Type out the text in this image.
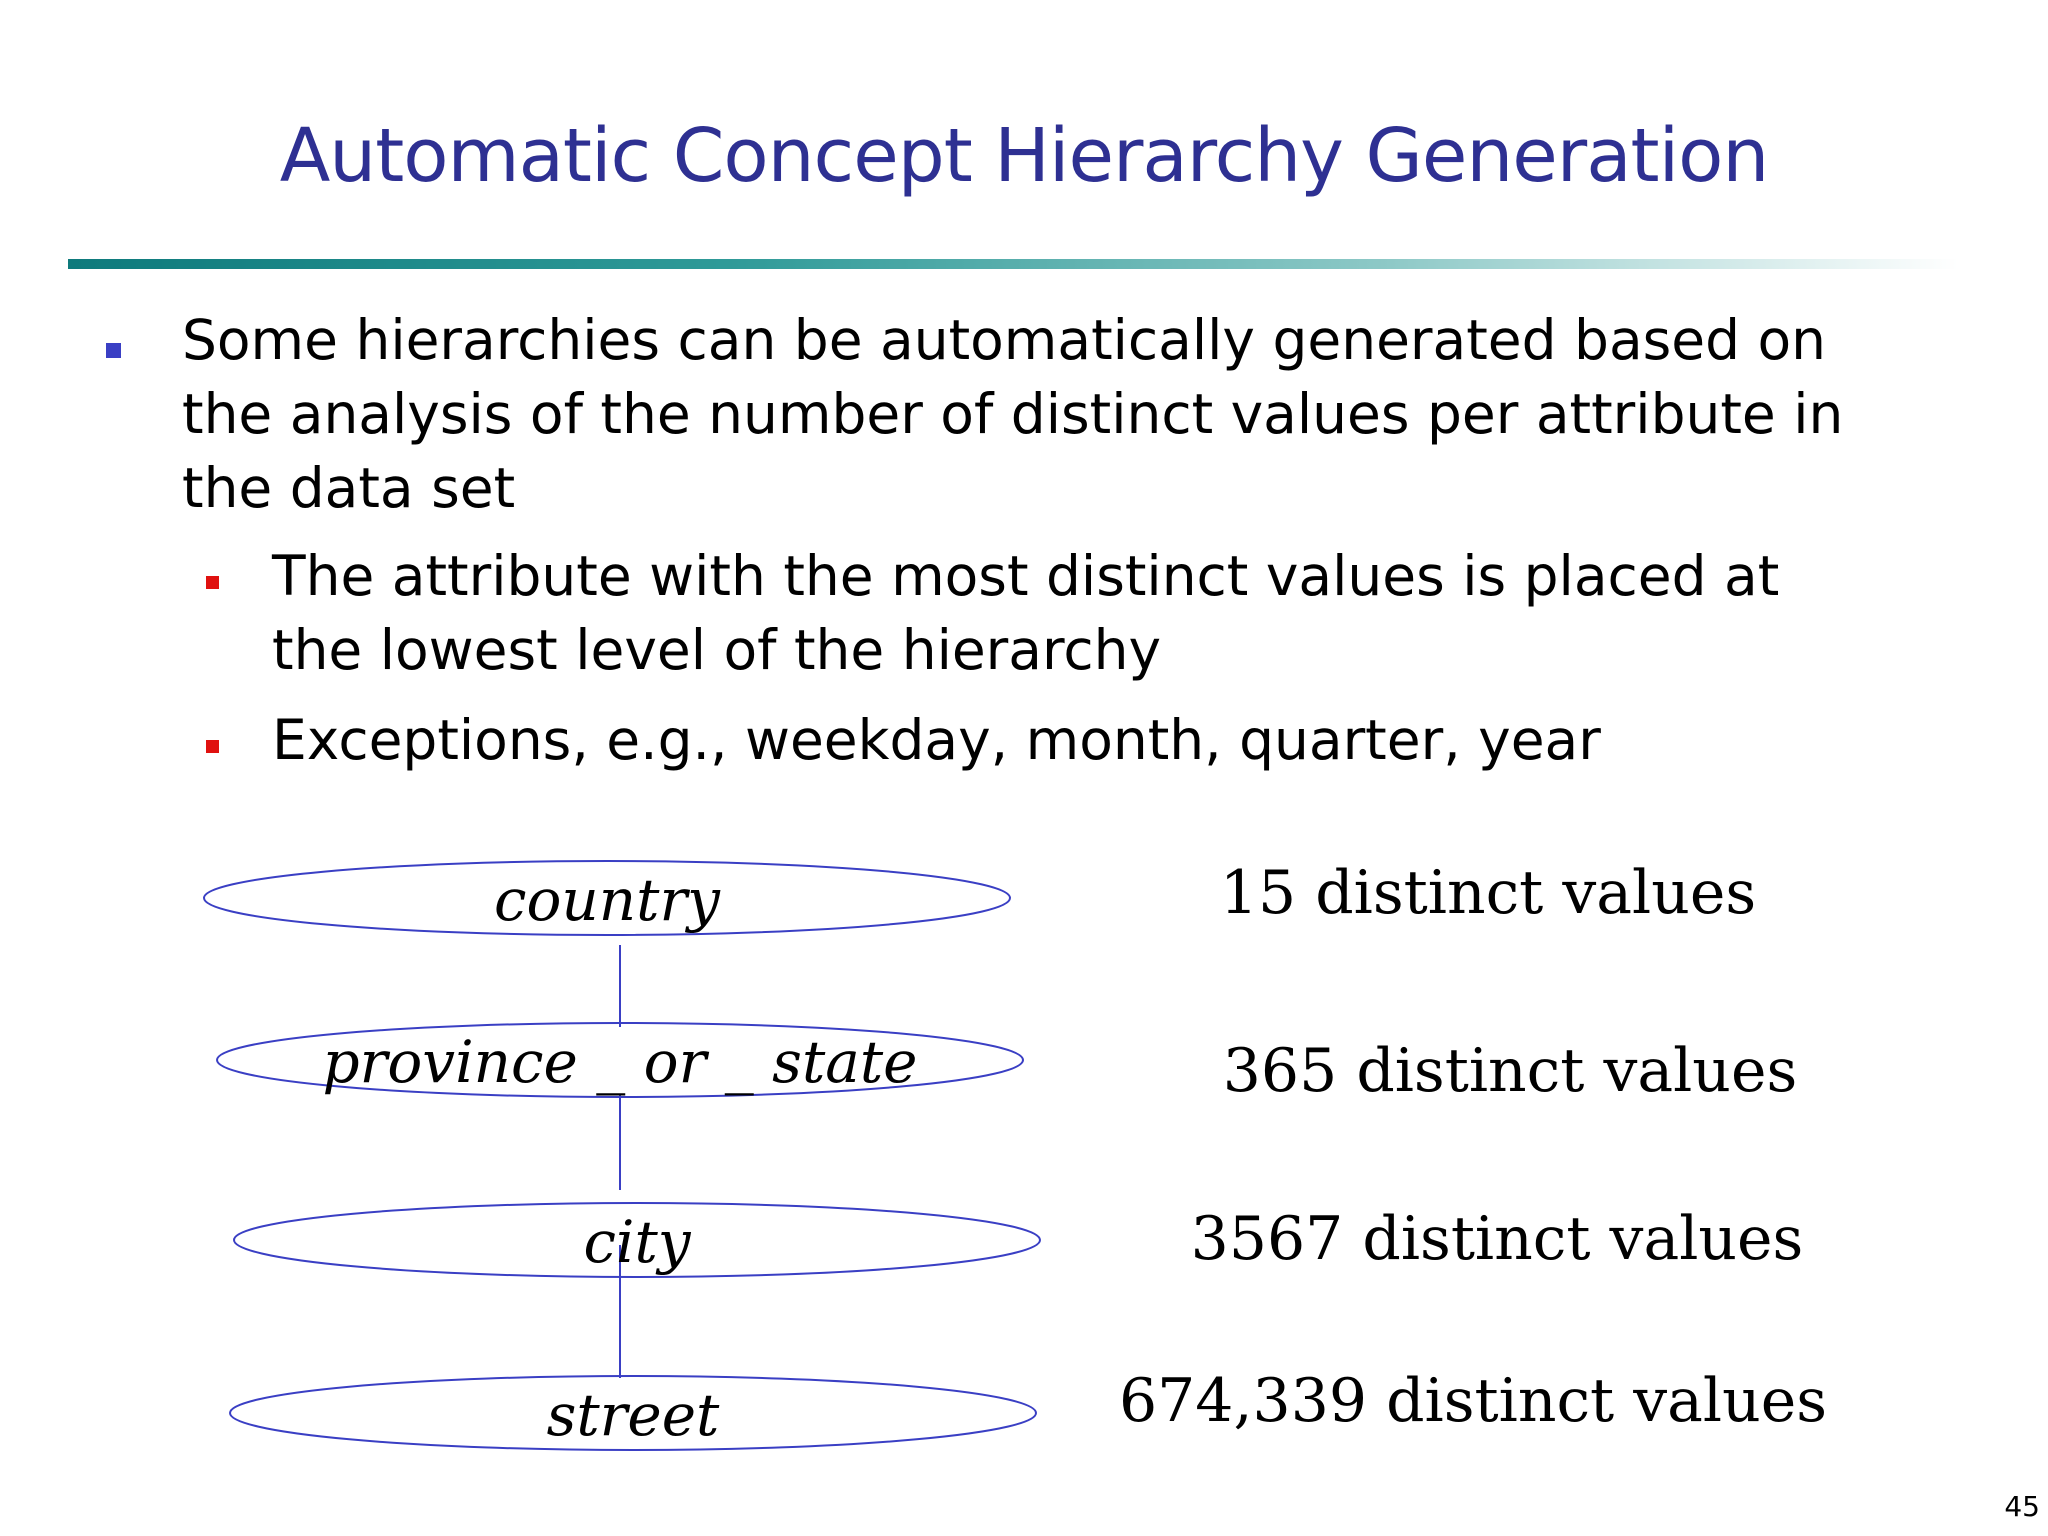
Automatic Concept Hierarchy Generation
Some hierarchies can be automatically generated based on the analysis of the number of distinct values per attribute in the data set
The attribute with the most distinct values is placed at the lowest level of the hierarchy
Exceptions, e.g., weekday, month, quarter, year
country
province _ or _ state
city
street
15 distinct values
365 distinct values
3567 distinct values
674,339 distinct values
45
